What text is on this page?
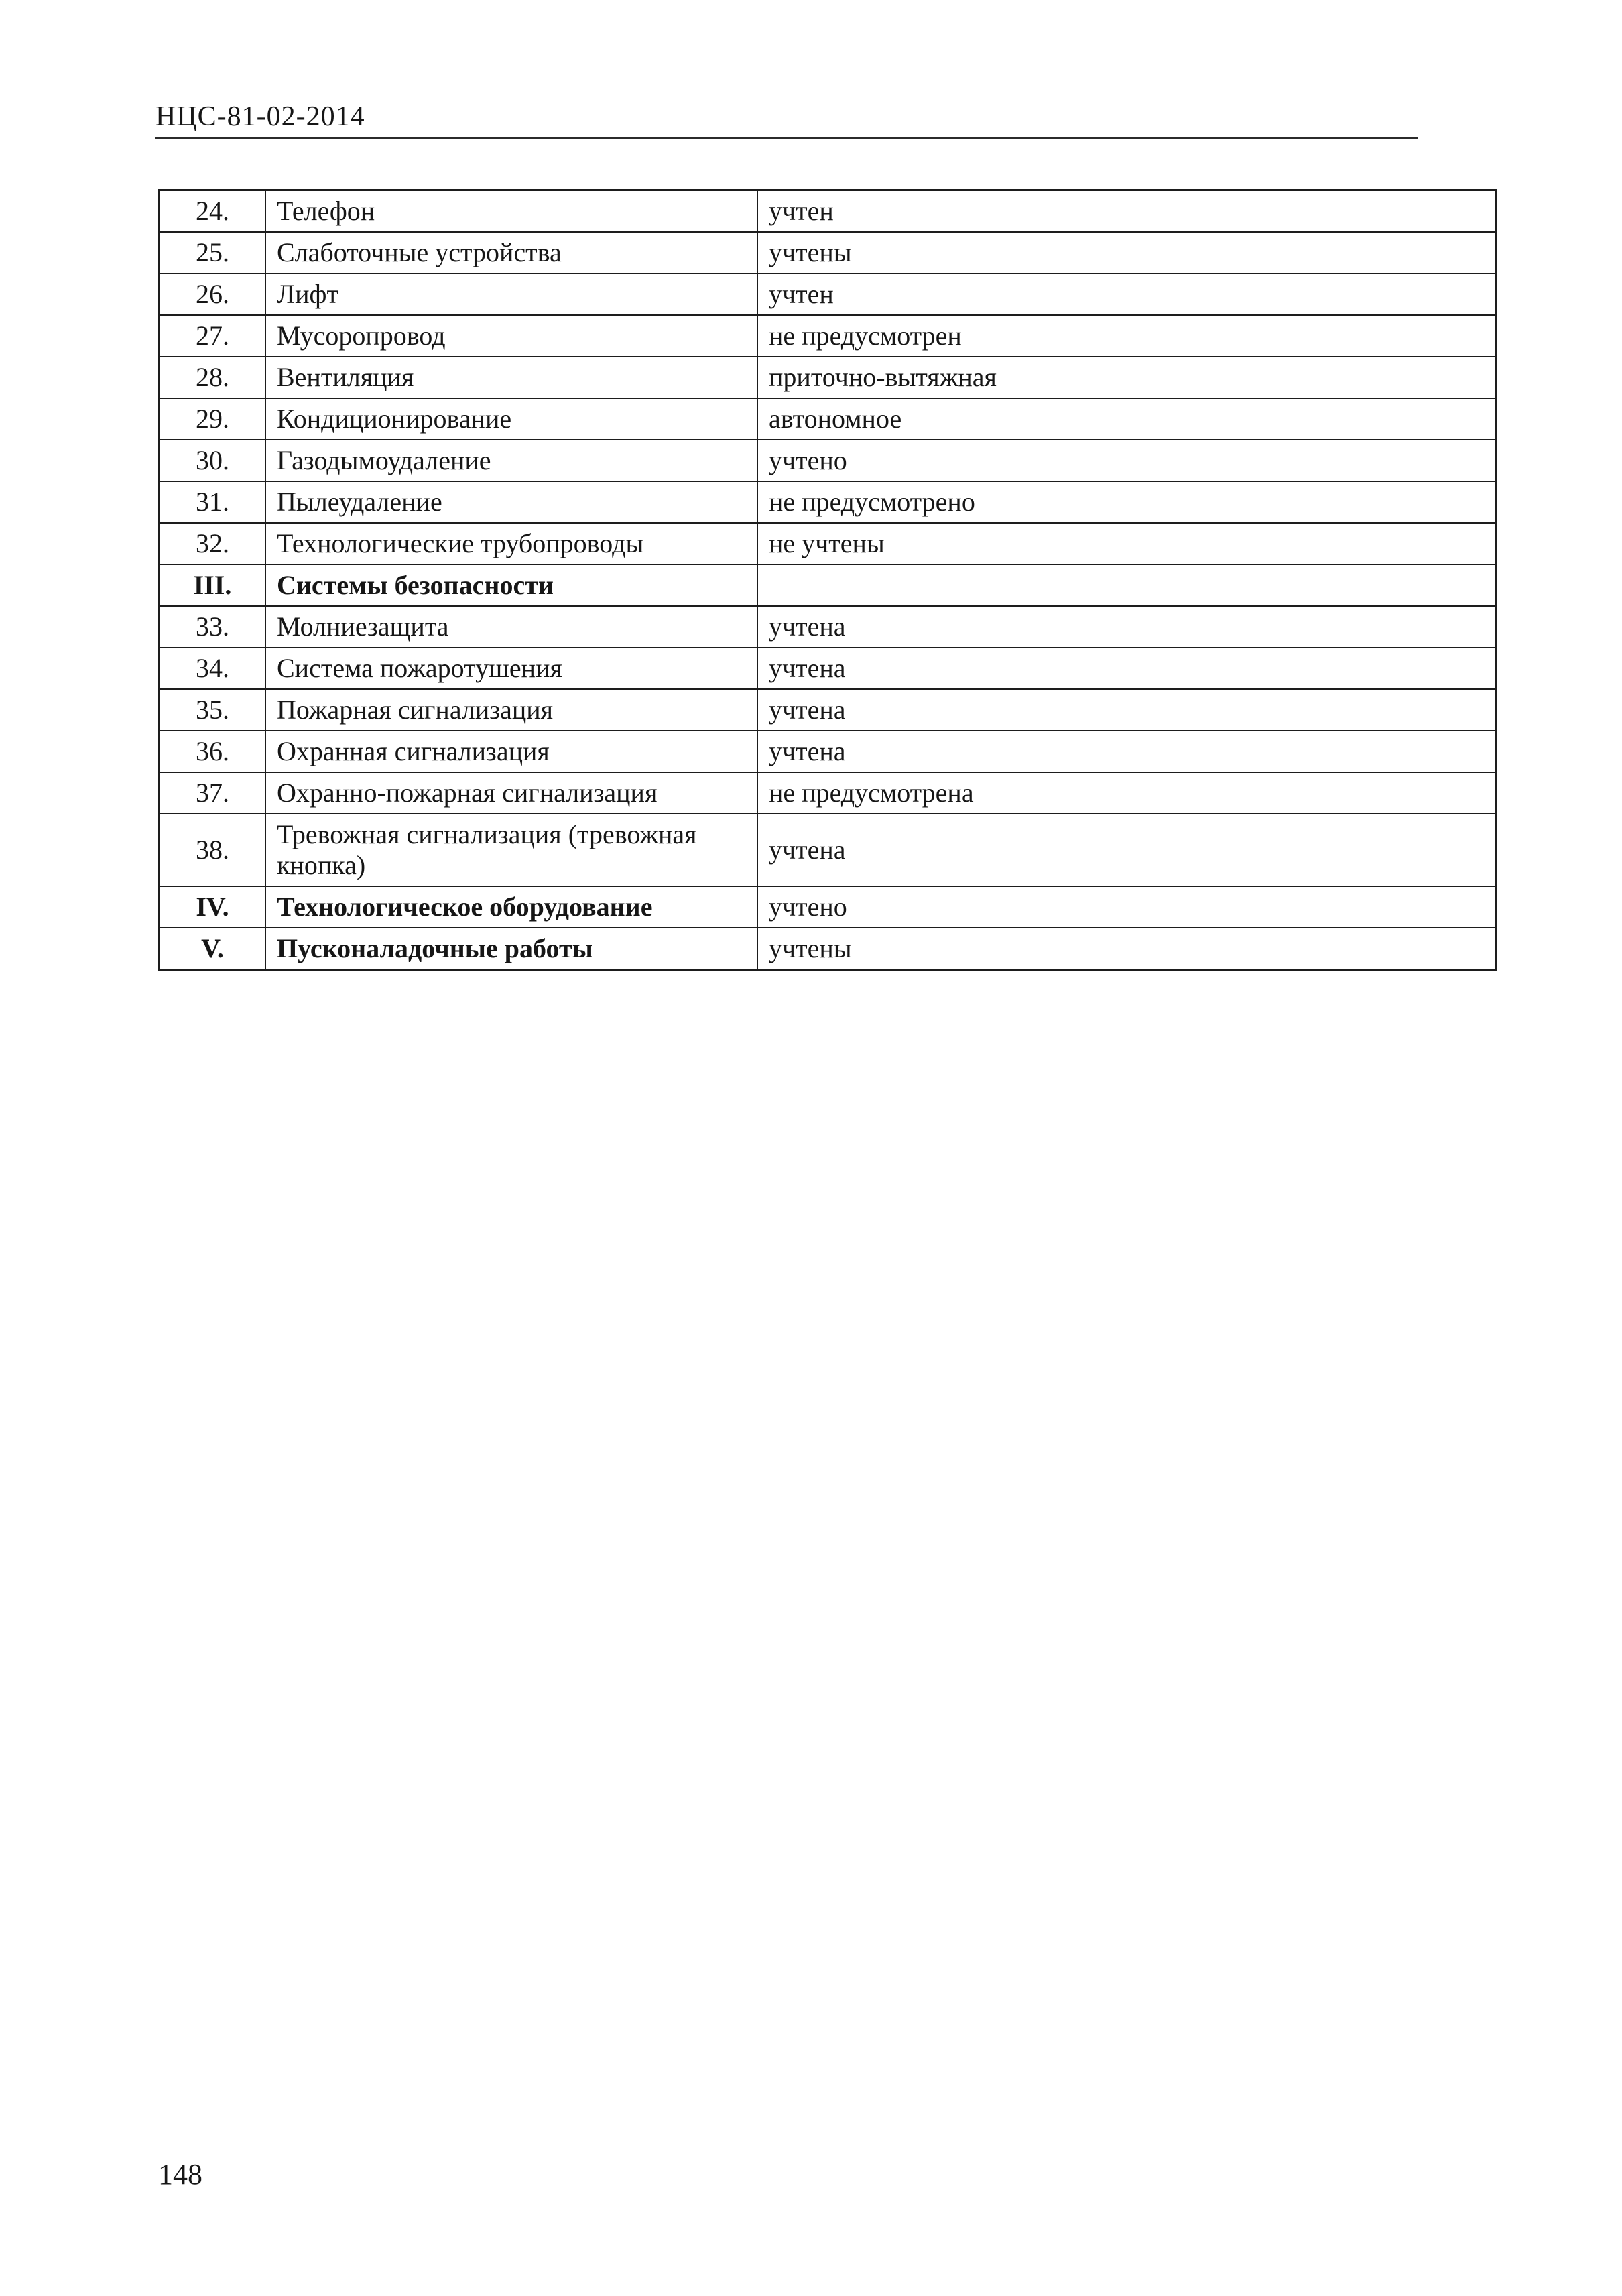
НЦС-81-02-2014
24.	Телефон	учтен
25.	Слаботочные устройства	учтены
26.	Лифт	учтен
27.	Мусоропровод	не предусмотрен
28.	Вентиляция	приточно-вытяжная
29.	Кондиционирование	автономное
30.	Газодымоудаление	учтено
31.	Пылеудаление	не предусмотрено
32.	Технологические трубопроводы	не учтены
III.	Системы безопасности	
33.	Молниезащита	учтена
34.	Система пожаротушения	учтена
35.	Пожарная сигнализация	учтена
36.	Охранная сигнализация	учтена
37.	Охранно-пожарная сигнализация	не предусмотрена
38.	Тревожная сигнализация (тревожная кнопка)	учтена
IV.	Технологическое оборудование	учтено
V.	Пусконаладочные работы	учтены
148
